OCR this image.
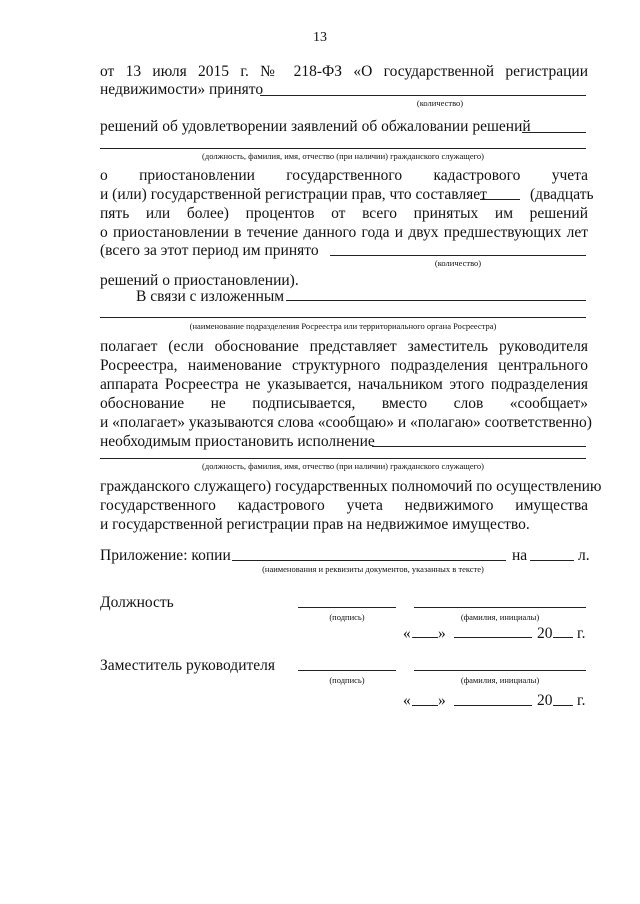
13
от 13 июля 2015 г. № 218-ФЗ «О государственной регистрации
недвижимости» принято
(количество)
решений об удовлетворении заявлений об обжаловании решений
(должность, фамилия, имя, отчество (при наличии) гражданского служащего)
о приостановлении государственного кадастрового учета
и (или) государственной регистрации прав, что составляет	(двадцать
пять или более) процентов от всего принятых им решений
о приостановлении в течение данного года и двух предшествующих лет
(всего за этот период им принято
(количество)
решений о приостановлении).
В связи с изложенным
(наименование подразделения Росреестра или территориального органа Росреестра)
полагает (если обоснование представляет заместитель руководителя
Росреестра, наименование структурного подразделения центрального
аппарата Росреестра не указывается, начальником этого подразделения
обоснование не подписывается, вместо слов «сообщает»
и «полагает» указываются слова «сообщаю» и «полагаю» соответственно)
необходимым приостановить исполнение
(должность, фамилия, имя, отчество (при наличии) гражданского служащего)
гражданского служащего) государственных полномочий по осуществлению
государственного кадастрового учета недвижимого имущества
и государственной регистрации прав на недвижимое имущество.
Приложение: копии	на	л.
(наименования и реквизиты документов, указанных в тексте)
Должность
(подпись)	(фамилия, инициалы)
« »	20 г.
Заместитель руководителя
(подпись)	(фамилия, инициалы)
« »	20 г.
